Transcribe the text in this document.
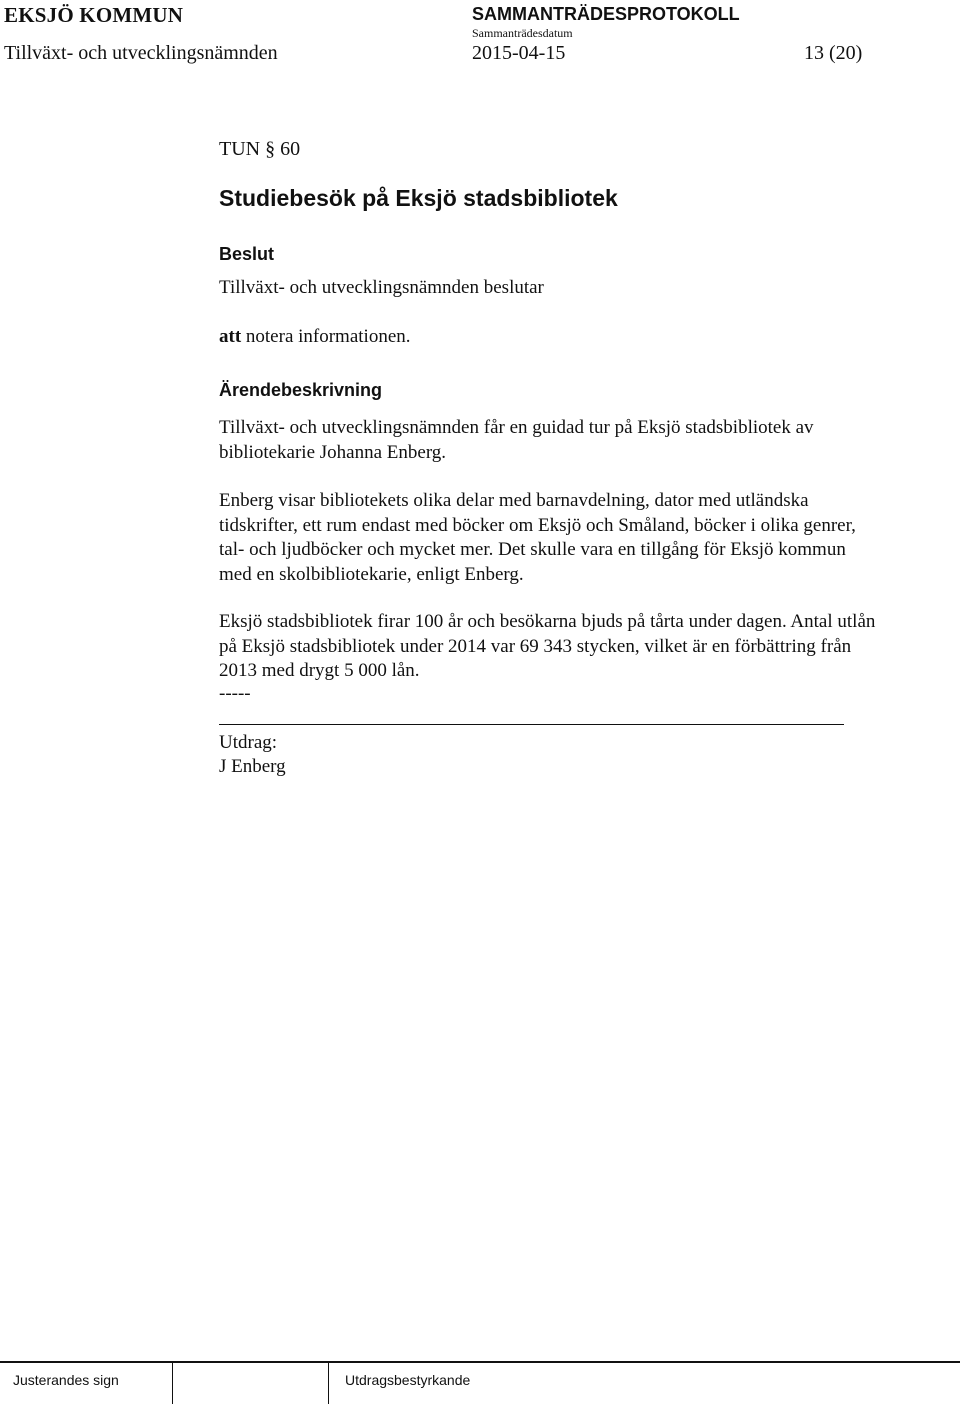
EKSJÖ KOMMUN	SAMMANTRÄDESPROTOKOLL
Sammanträdesdatum
Tillväxt- och utvecklingsnämnden	2015-04-15	13 (20)
TUN § 60
Studiebesök på Eksjö stadsbibliotek
Beslut
Tillväxt- och utvecklingsnämnden beslutar
att notera informationen.
Ärendebeskrivning

Tillväxt- och utvecklingsnämnden får en guidad tur på Eksjö stadsbibliotek av

bibliotekarie Johanna Enberg.

Enberg visar bibliotekets olika delar med barnavdelning, dator med utländska

tidskrifter, ett rum endast med böcker om Eksjö och Småland, böcker i olika genrer,

tal- och ljudböcker och mycket mer. Det skulle vara en tillgång för Eksjö kommun

med en skolbibliotekarie, enligt Enberg.

Eksjö stadsbibliotek firar 100 år och besökarna bjuds på tårta under dagen. Antal utlån

på Eksjö stadsbibliotek under 2014 var 69 343 stycken, vilket är en förbättring från

2013 med drygt 5 000 lån.

-----
Utdrag:
J Enberg
Justerandes sign	Utdragsbestyrkande
